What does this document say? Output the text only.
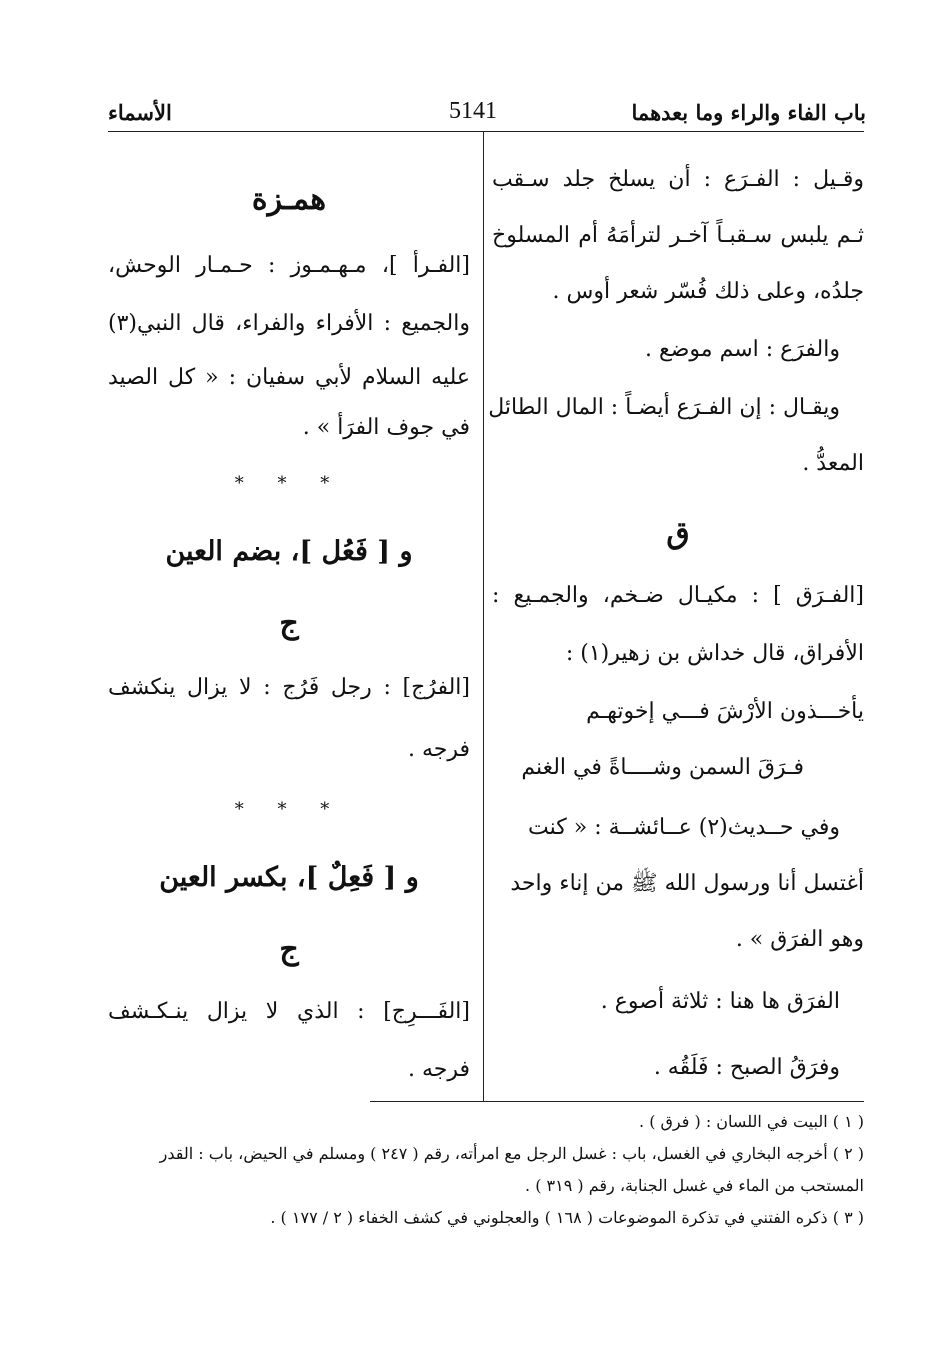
باب الفاء والراء وما بعدهما
5141
الأسماء
وقـيل : الفـرَع : أن يسلخ جلد سـقب
ثـم يلبس سـقبـاً آخـر لترأمَهُ أم المسلوخ
جلدُه، وعلى ذلك فُسّر شعر أوس .
والفرَع : اسم موضع .
ويقـال : إن الفـرَع أيضـاً : المال الطائل
المعدُّ .
ق
[الفـرَق ] : مكيـال ضـخم، والجمـيع :
الأفراق، قال خداش بن زهير(١) :
يأخـــذون الأرْشَ فـــي إخوتهـم
فـرَقَ السمن وشــــاةً في الغنم
وفي حــديث(٢) عــائشــة : « كنت
أغتسل أنا ورسول الله ﷺ من إناء واحد
وهو الفرَق » .
الفرَق ها هنا : ثلاثة أصوع .
وفرَقُ الصبح : فَلَقُه .
همـزة
[الفـرأ ]، مـهـمـوز : حـمـار الوحش،
والجميع : الأفراء والفراء، قال النبي(٣)
عليه السلام لأبي سفيان : « كل الصيد
في جوف الفرَأ » .
* * *
و [ فَعُل ]، بضم العين
ج
[الفرُج] : رجل فَرُج : لا يزال ينكشف
فرجه .
* * *
و [ فَعِلٌ ]، بكسر العين
ج
[الفَـــرِج] : الذي لا يزال ينـكـشف
فرجه .
( ١ ) البيت في اللسان : ( فرق ) .
( ٢ ) أخرجه البخاري في الغسل، باب : غسل الرجل مع امرأته، رقم ( ٢٤٧ ) ومسلم في الحيض، باب : القدر
المستحب من الماء في غسل الجنابة، رقم ( ٣١٩ ) .
( ٣ ) ذكره الفتني في تذكرة الموضوعات ( ١٦٨ ) والعجلوني في كشف الخفاء ( ٢ / ١٧٧ ) .
